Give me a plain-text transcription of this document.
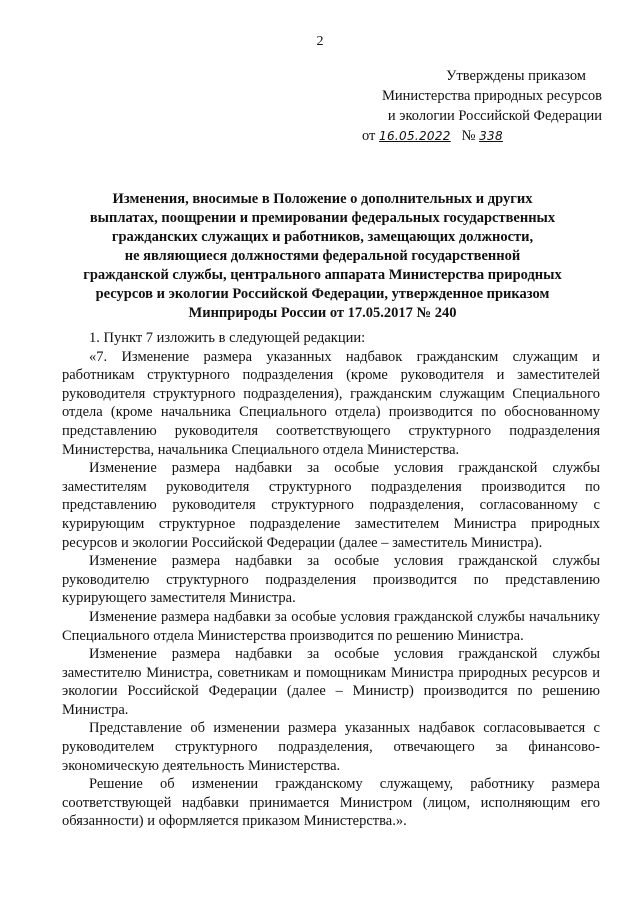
2
Утверждены приказом
Министерства природных ресурсов
и экологии Российской Федерации
от 16.05.2022 № 338
Изменения, вносимые в Положение о дополнительных и других
выплатах, поощрении и премировании федеральных государственных
гражданских служащих и работников, замещающих должности,
не являющиеся должностями федеральной государственной
гражданской службы, центрального аппарата Министерства природных
ресурсов и экологии Российской Федерации, утвержденное приказом
Минприроды России от 17.05.2017 № 240

1. Пункт 7 изложить в следующей редакции:

«7. Изменение размера указанных надбавок гражданским служащим и работникам структурного подразделения (кроме руководителя и заместителей руководителя структурного подразделения), гражданским служащим Специального отдела (кроме начальника Специального отдела) производится по обоснованному представлению руководителя соответствующего структурного подразделения Министерства, начальника Специального отдела Министерства.

Изменение размера надбавки за особые условия гражданской службы заместителям руководителя структурного подразделения производится по представлению руководителя структурного подразделения, согласованному с курирующим структурное подразделение заместителем Министра природных ресурсов и экологии Российской Федерации (далее – заместитель Министра).

Изменение размера надбавки за особые условия гражданской службы руководителю структурного подразделения производится по представлению курирующего заместителя Министра.

Изменение размера надбавки за особые условия гражданской службы начальнику Специального отдела Министерства производится по решению Министра.

Изменение размера надбавки за особые условия гражданской службы заместителю Министра, советникам и помощникам Министра природных ресурсов и экологии Российской Федерации (далее – Министр) производится по решению Министра.

Представление об изменении размера указанных надбавок согласовывается с руководителем структурного подразделения, отвечающего за финансово-экономическую деятельность Министерства.

Решение об изменении гражданскому служащему, работнику размера соответствующей надбавки принимается Министром (лицом, исполняющим его обязанности) и оформляется приказом Министерства.».
